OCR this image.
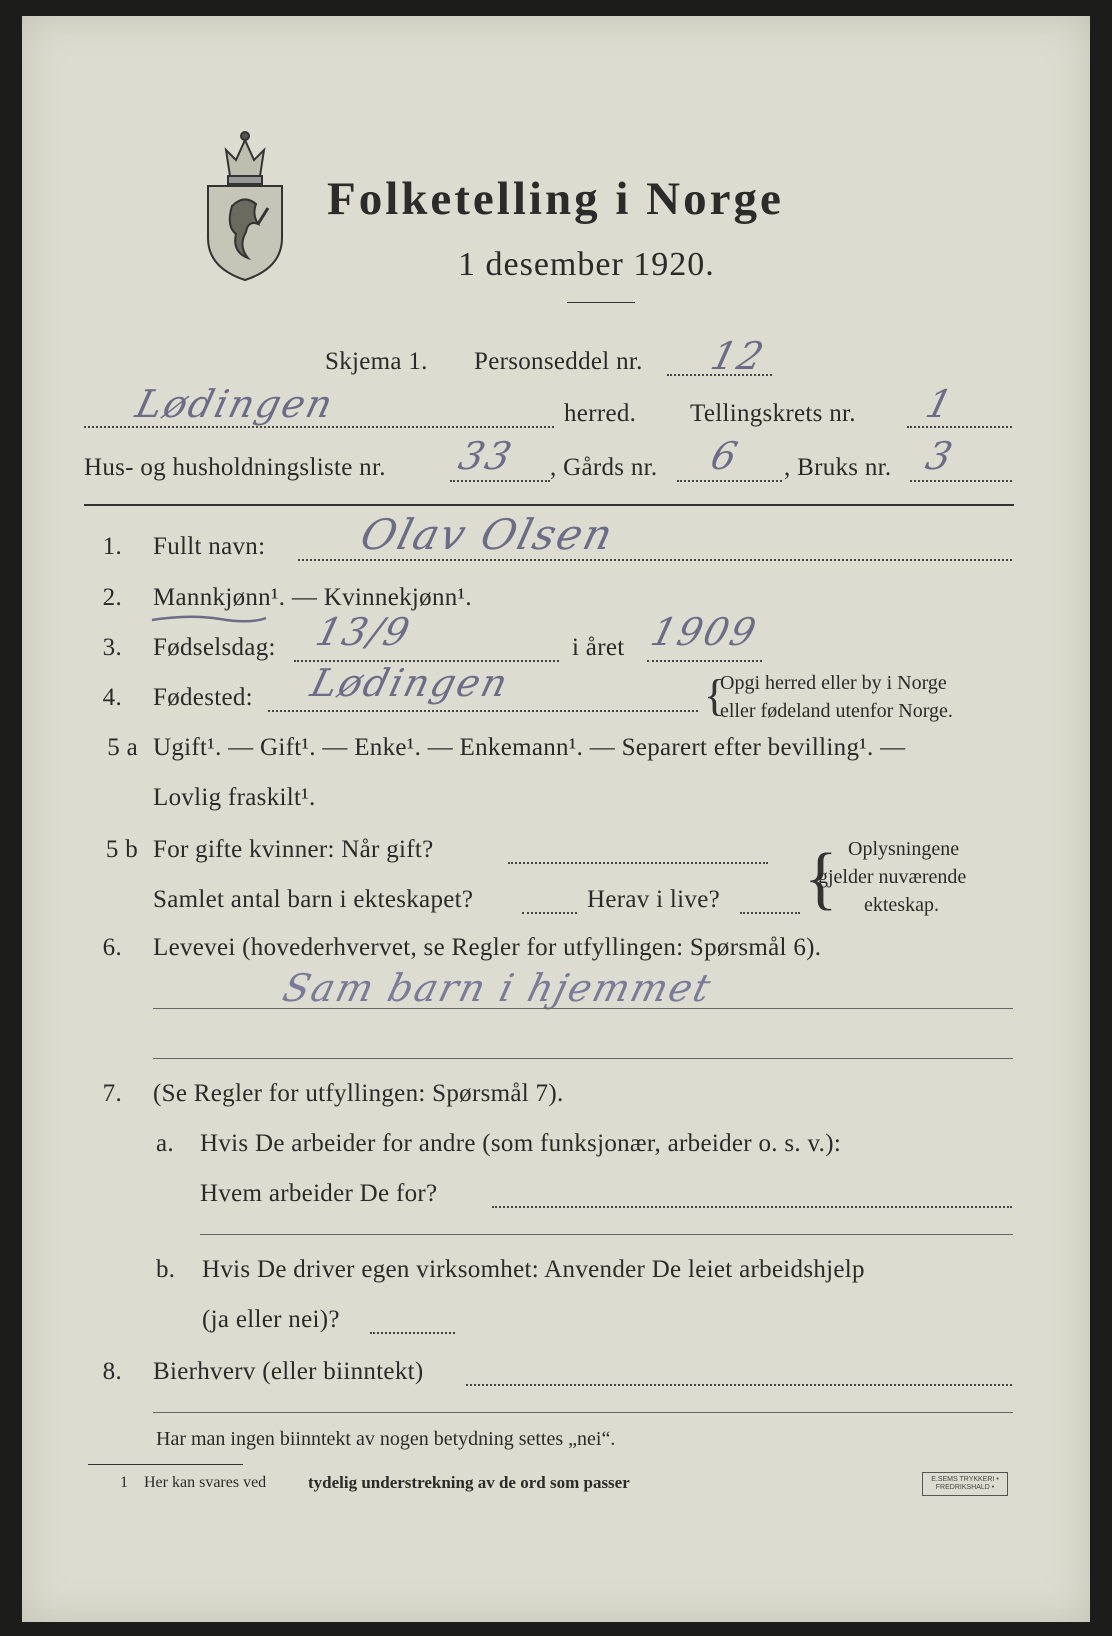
Folketelling i Norge
1 desember 1920.
Skjema 1. Personseddel nr. 12
Lødingen	herred. Tellingskrets nr. 1
Hus- og husholdningsliste nr. 33 , Gårds nr. 6 , Bruks nr. 3
1. Fullt navn: Olav Olsen
2. Mannkjønn¹. — Kvinnekjønn¹.
3. Fødselsdag: 13/9	i året 1909
4. Fødested: Lødingen	{
Opgi herred eller by i Norge
eller fødeland utenfor Norge.
5 a Ugift¹. — Gift¹. — Enke¹. — Enkemann¹. — Separert efter bevilling¹. —
Lovlig fraskilt¹.
5 b For gifte kvinner: Når gift?
Samlet antal barn i ekteskapet?	Herav i live? { Oplysningene
gjelder nuværende
ekteskap.
6. Levevei (hovederhvervet, se Regler for utfyllingen: Spørsmål 6).
Sam barn i hjemmet
7. (Se Regler for utfyllingen: Spørsmål 7).
a. Hvis De arbeider for andre (som funksjonær, arbeider o. s. v.):
Hvem arbeider De for?
b. Hvis De driver egen virksomhet: Anvender De leiet arbeidshjelp
(ja eller nei)?
8. Bierhverv (eller biinntekt)
Har man ingen biinntekt av nogen betydning settes „nei“.
1 Her kan svares ved tydelig understrekning av de ord som passer	E.SEMS TRYKKERI • FREDRIKSHALD •
